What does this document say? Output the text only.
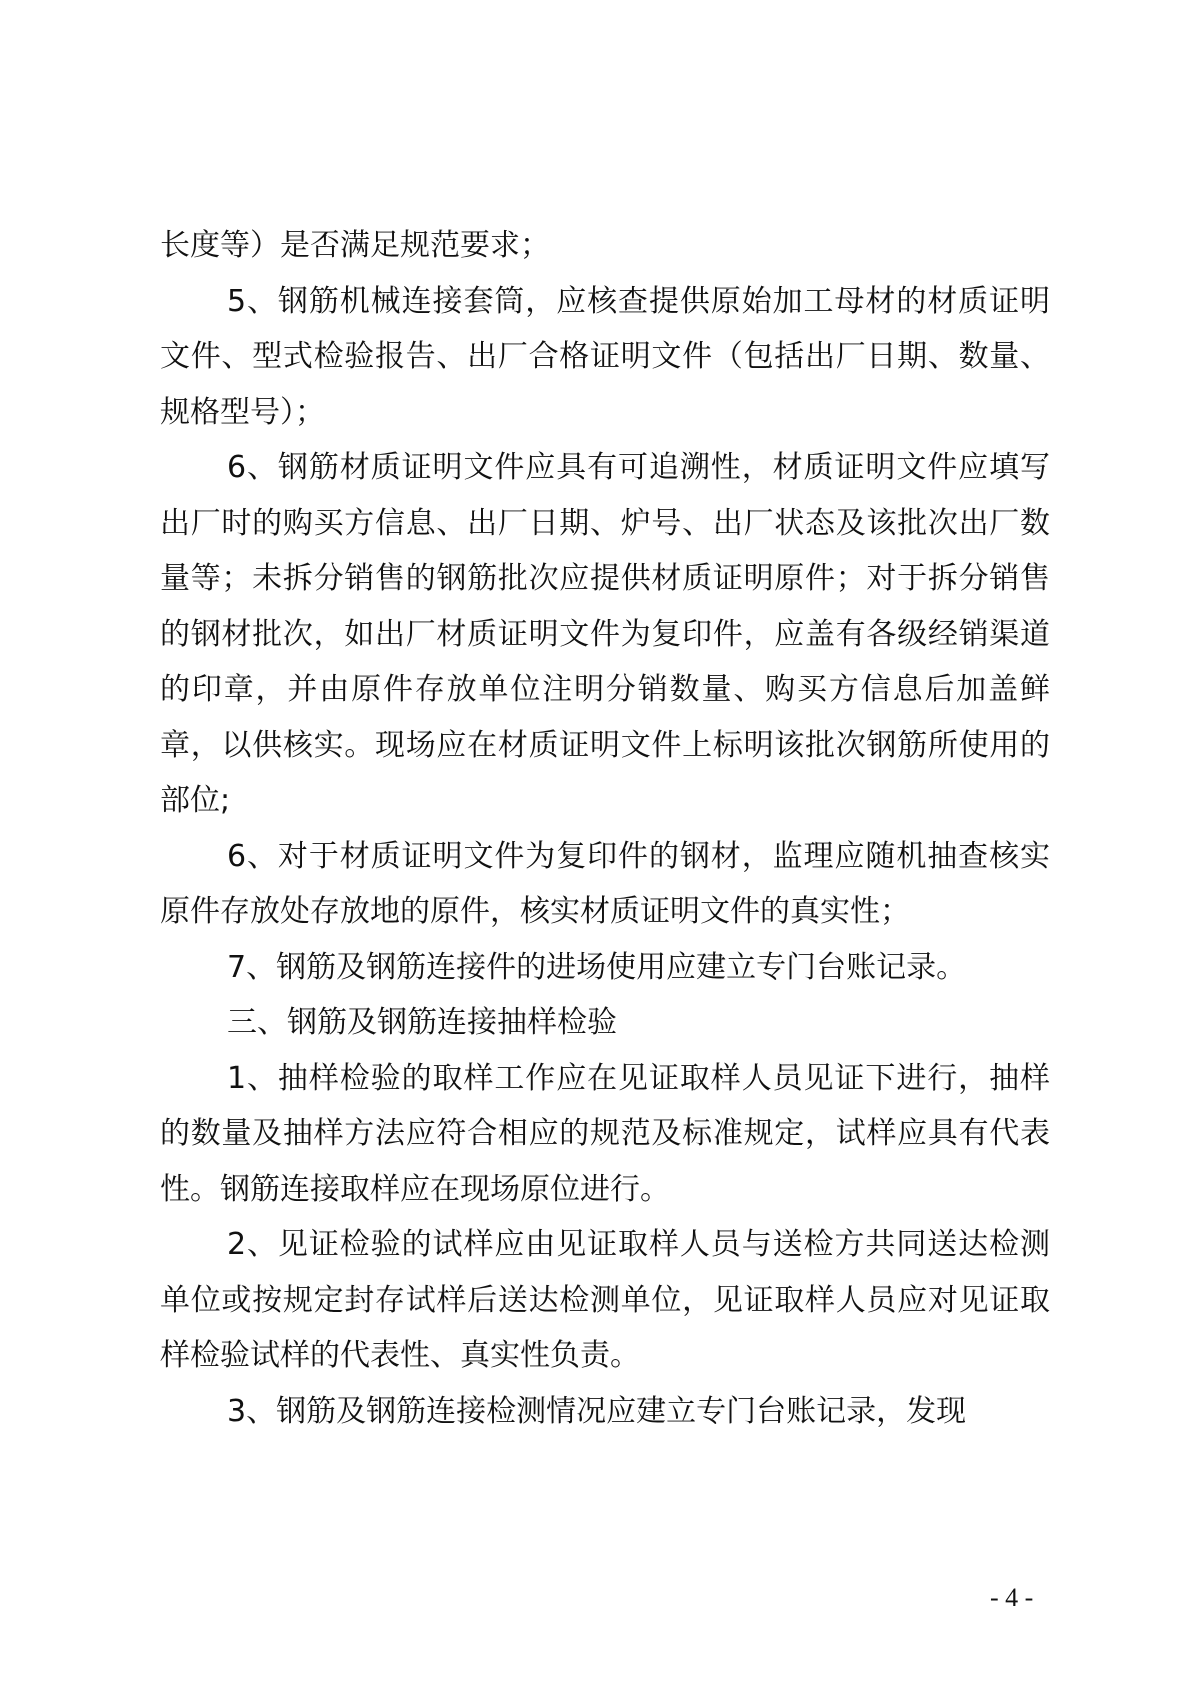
长度等）是否满足规范要求；

5、钢筋机械连接套筒，应核查提供原始加工母材的材质证明文件、型式检验报告、出厂合格证明文件（包括出厂日期、数量、规格型号）；

6、钢筋材质证明文件应具有可追溯性，材质证明文件应填写出厂时的购买方信息、出厂日期、炉号、出厂状态及该批次出厂数量等；未拆分销售的钢筋批次应提供材质证明原件；对于拆分销售的钢材批次，如出厂材质证明文件为复印件，应盖有各级经销渠道的印章，并由原件存放单位注明分销数量、购买方信息后加盖鲜章，以供核实。现场应在材质证明文件上标明该批次钢筋所使用的部位;

6、对于材质证明文件为复印件的钢材，监理应随机抽查核实原件存放处存放地的原件，核实材质证明文件的真实性；

7、钢筋及钢筋连接件的进场使用应建立专门台账记录。

三、钢筋及钢筋连接抽样检验

1、抽样检验的取样工作应在见证取样人员见证下进行，抽样的数量及抽样方法应符合相应的规范及标准规定，试样应具有代表性。钢筋连接取样应在现场原位进行。

2、见证检验的试样应由见证取样人员与送检方共同送达检测单位或按规定封存试样后送达检测单位，见证取样人员应对见证取样检验试样的代表性、真实性负责。

3、钢筋及钢筋连接检测情况应建立专门台账记录，发现

- 4 -
